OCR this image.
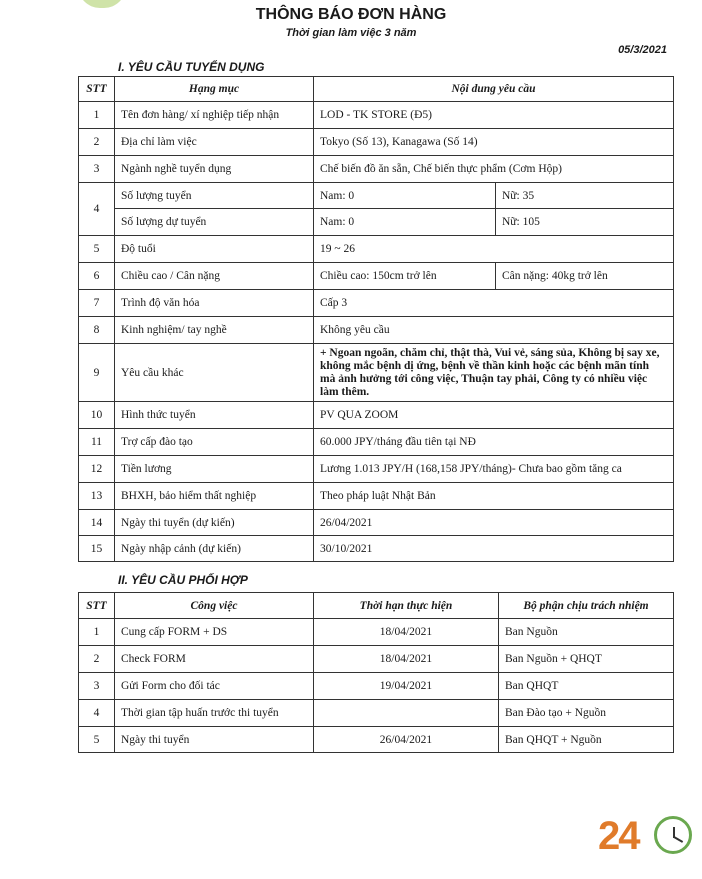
THÔNG BÁO ĐƠN HÀNG
Thời gian làm việc 3 năm
05/3/2021
I. YÊU CẦU TUYỂN DỤNG
STT	Hạng mục	Nội dung yêu cầu	
1	Tên đơn hàng/ xí nghiệp tiếp nhận	LOD - TK STORE (Đ5)	
2	Địa chỉ làm việc	Tokyo (Số 13), Kanagawa (Số 14)	
3	Ngành nghề tuyển dụng	Chế biến đồ ăn sẵn, Chế biến thực phẩm (Cơm Hộp)	
4	Số lượng tuyển	Nam: 0	Nữ: 35
	Số lượng dự tuyển	Nam: 0	Nữ: 105
5	Độ tuổi	19 ~ 26	
6	Chiều cao / Cân nặng	Chiều cao: 150cm trở lên	Cân nặng: 40kg trở lên
7	Trình độ văn hóa	Cấp 3	
8	Kinh nghiệm/ tay nghề	Không yêu cầu	
9	Yêu cầu khác	+ Ngoan ngoãn, chăm chỉ, thật thà, Vui vẻ, sáng sủa, Không bị say xe, không mắc bệnh dị ứng, bệnh về thần kinh hoặc các bệnh mãn tính mà ảnh hưởng tới công việc, Thuận tay phải, Công ty có nhiều việc làm thêm.	
10	Hình thức tuyển	PV QUA ZOOM	
11	Trợ cấp đào tạo	60.000 JPY/tháng đầu tiên tại NĐ	
12	Tiền lương	Lương 1.013 JPY/H (168,158 JPY/tháng)- Chưa bao gồm tăng ca	
13	BHXH, bảo hiểm thất nghiệp	Theo pháp luật Nhật Bản	
14	Ngày thi tuyển (dự kiến)	26/04/2021	
15	Ngày nhập cảnh (dự kiến)	30/10/2021	
II. YÊU CẦU PHỐI HỢP
STT	Công việc	Thời hạn thực hiện	Bộ phận chịu trách nhiệm
1	Cung cấp FORM + DS	18/04/2021	Ban Nguồn
2	Check FORM	18/04/2021	Ban Nguồn + QHQT
3	Gửi Form cho đối tác	19/04/2021	Ban QHQT
4	Thời gian tập huấn trước thi tuyển		Ban Đào tạo + Nguồn
5	Ngày thi tuyển	26/04/2021	Ban QHQT + Nguồn
24
